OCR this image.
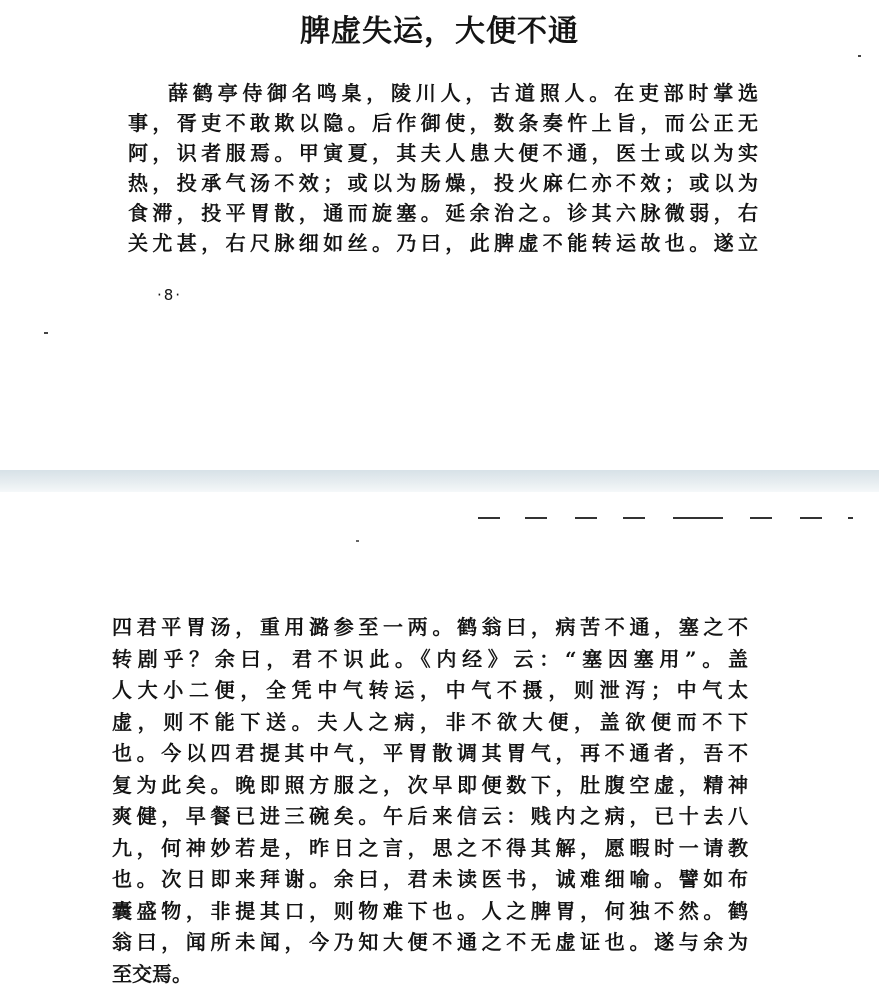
脾虚失运，大便不通
薛鹤亭侍御名鸣臬，陵川人，古道照人。在吏部时掌选
事，胥吏不敢欺以隐。后作御使，数条奏忤上旨，而公正无
阿，识者服焉。甲寅夏，其夫人患大便不通，医士或以为实
热，投承气汤不效；或以为肠燥，投火麻仁亦不效；或以为
食滞，投平胃散，通而旋塞。延余治之。诊其六脉微弱，右
关尤甚，右尺脉细如丝。乃曰，此脾虚不能转运故也。遂立
·8·
四君平胃汤，重用潞参至一两。鹤翁曰，病苦不通，塞之不
转剧乎？余曰，君不识此。《内经》云：“塞因塞用”。盖
人大小二便，全凭中气转运，中气不摄，则泄泻；中气太
虚，则不能下送。夫人之病，非不欲大便，盖欲便而不下
也。今以四君提其中气，平胃散调其胃气，再不通者，吾不
复为此矣。晚即照方服之，次早即便数下，肚腹空虚，精神
爽健，早餐已进三碗矣。午后来信云：贱内之病，已十去八
九，何神妙若是，昨日之言，思之不得其解，愿暇时一请教
也。次日即来拜谢。余曰，君未读医书，诚难细喻。譬如布
囊盛物，非提其口，则物难下也。人之脾胃，何独不然。鹤
翁曰，闻所未闻，今乃知大便不通之不无虚证也。遂与余为
至交焉。
